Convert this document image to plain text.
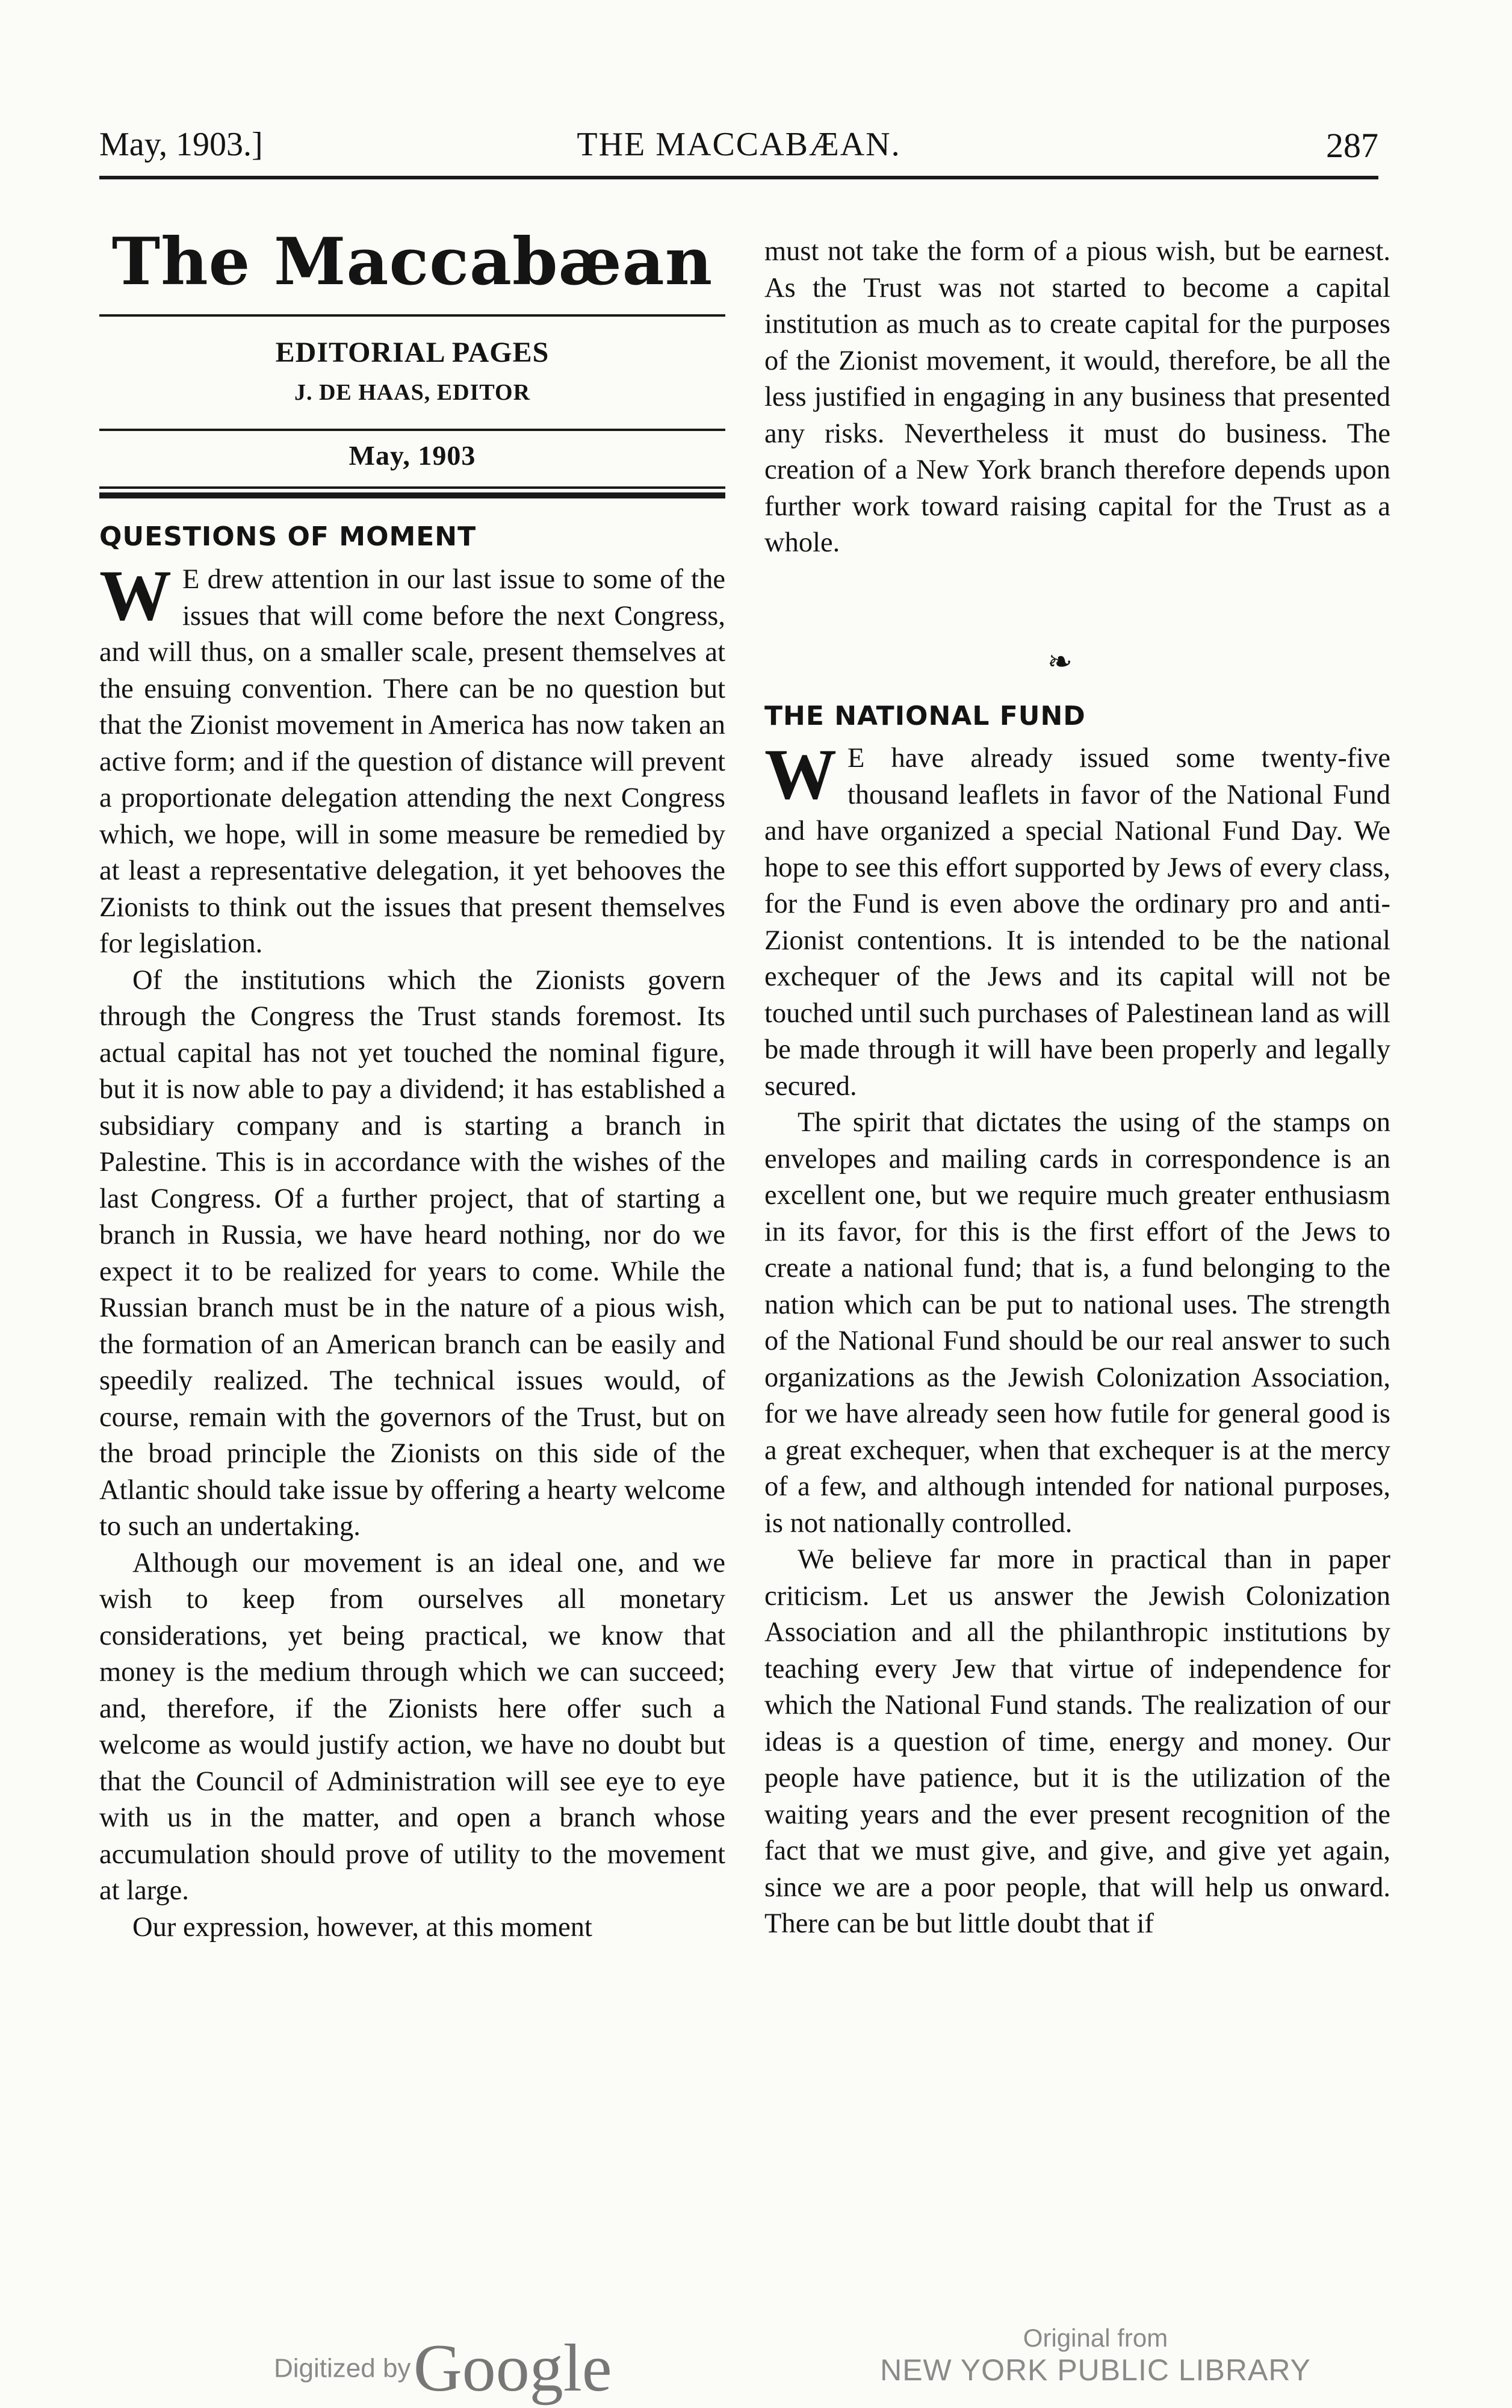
May, 1903.]	THE MACCABÆAN.	287
The Maccabæan
EDITORIAL PAGES
J. DE HAAS, EDITOR
May, 1903
QUESTIONS OF MOMENT

W E drew attention in our last issue to some of the issues that will come before the next Congress, and will thus, on a smaller scale, present themselves at the ensuing convention. There can be no question but that the Zionist movement in America has now taken an active form; and if the question of distance will prevent a proportionate delegation attending the next Congress which, we hope, will in some measure be remedied by at least a representative delegation, it yet behooves the Zionists to think out the issues that present themselves for legislation.

Of the institutions which the Zionists govern through the Congress the Trust stands foremost. Its actual capital has not yet touched the nominal figure, but it is now able to pay a dividend; it has established a subsidiary company and is starting a branch in Palestine. This is in accordance with the wishes of the last Congress. Of a further project, that of starting a branch in Russia, we have heard nothing, nor do we expect it to be realized for years to come. While the Russian branch must be in the nature of a pious wish, the formation of an American branch can be easily and speedily realized. The technical issues would, of course, remain with the governors of the Trust, but on the broad principle the Zionists on this side of the Atlantic should take issue by offering a hearty welcome to such an undertaking.

Although our movement is an ideal one, and we wish to keep from ourselves all monetary considerations, yet being practical, we know that money is the medium through which we can succeed; and, therefore, if the Zionists here offer such a welcome as would justify action, we have no doubt but that the Council of Administration will see eye to eye with us in the matter, and open a branch whose accumulation should prove of utility to the movement at large.

Our expression, however, at this moment

must not take the form of a pious wish, but be earnest. As the Trust was not started to become a capital institution as much as to create capital for the purposes of the Zionist movement, it would, therefore, be all the less justified in engaging in any business that presented any risks. Nevertheless it must do business. The creation of a New York branch therefore depends upon further work toward raising capital for the Trust as a whole.

❧
THE NATIONAL FUND

W E have already issued some twenty-five thousand leaflets in favor of the National Fund and have organized a special National Fund Day. We hope to see this effort supported by Jews of every class, for the Fund is even above the ordinary pro and anti-Zionist contentions. It is intended to be the national exchequer of the Jews and its capital will not be touched until such purchases of Palestinean land as will be made through it will have been properly and legally secured.

The spirit that dictates the using of the stamps on envelopes and mailing cards in correspondence is an excellent one, but we require much greater enthusiasm in its favor, for this is the first effort of the Jews to create a national fund; that is, a fund belonging to the nation which can be put to national uses. The strength of the National Fund should be our real answer to such organizations as the Jewish Colonization Association, for we have already seen how futile for general good is a great exchequer, when that exchequer is at the mercy of a few, and although intended for national purposes, is not nationally controlled.

We believe far more in practical than in paper criticism. Let us answer the Jewish Colonization Association and all the philanthropic institutions by teaching every Jew that virtue of independence for which the National Fund stands. The realization of our ideas is a question of time, energy and money. Our people have patience, but it is the utilization of the waiting years and the ever present recognition of the fact that we must give, and give, and give yet again, since we are a poor people, that will help us onward. There can be but little doubt that if

Digitized by Google	Original from
NEW YORK PUBLIC LIBRARY
